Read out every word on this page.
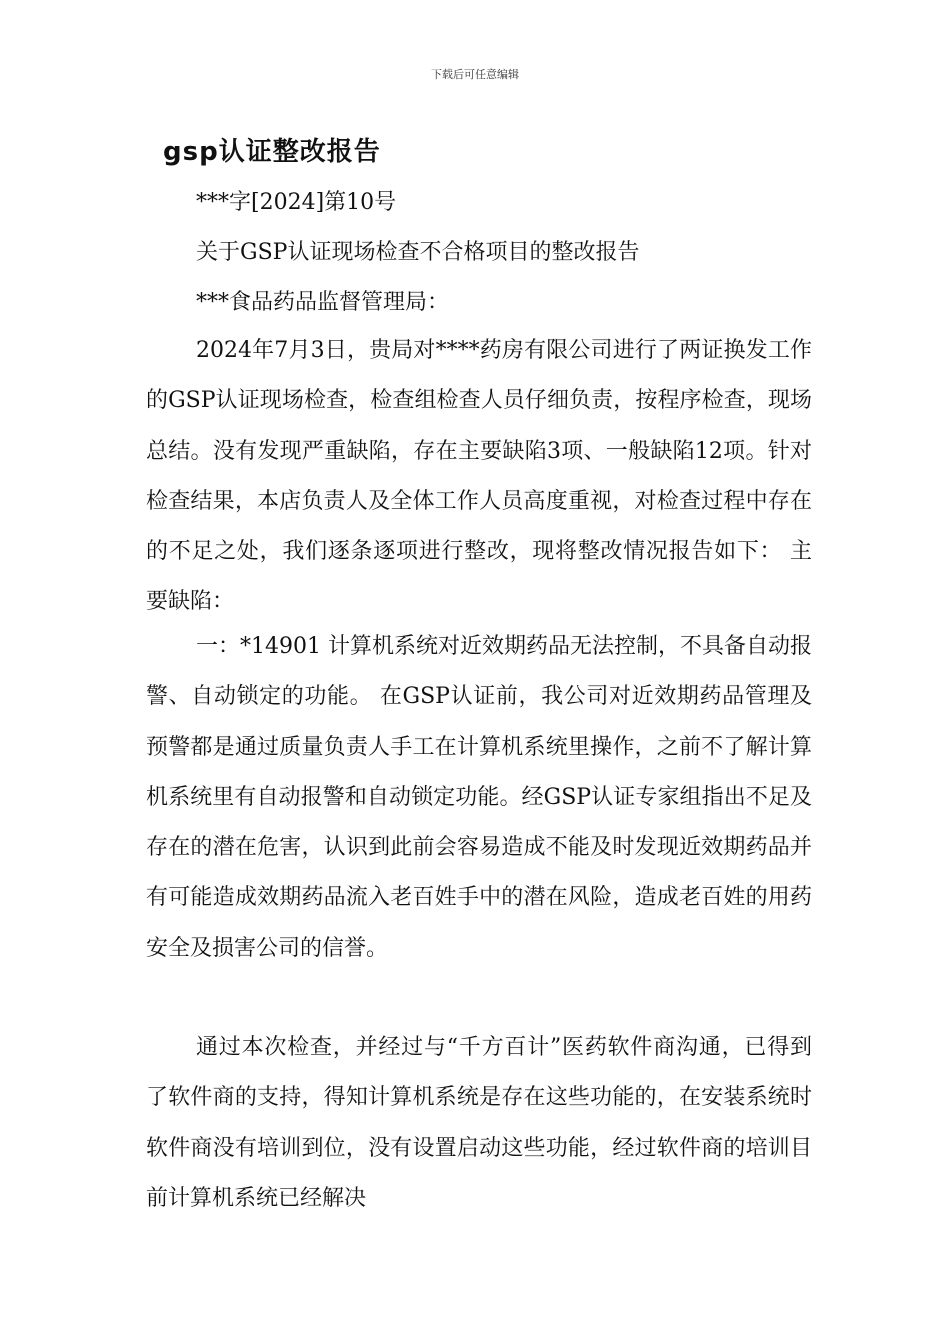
下载后可任意编辑
gsp认证整改报告
***字[2024]第10号
关于GSP认证现场检查不合格项目的整改报告
***食品药品监督管理局：

2024年7月3日，贵局对****药房有限公司进行了两证换发工作的GSP认证现场检查，检查组检查人员仔细负责，按程序检查，现场总结。没有发现严重缺陷，存在主要缺陷3项、一般缺陷12项。针对检查结果，本店负责人及全体工作人员高度重视，对检查过程中存在的不足之处，我们逐条逐项进行整改，现将整改情况报告如下： 主要缺陷：

一：*14901 计算机系统对近效期药品无法控制，不具备自动报警、自动锁定的功能。 在GSP认证前，我公司对近效期药品管理及预警都是通过质量负责人手工在计算机系统里操作，之前不了解计算机系统里有自动报警和自动锁定功能。经GSP认证专家组指出不足及存在的潜在危害，认识到此前会容易造成不能及时发现近效期药品并有可能造成效期药品流入老百姓手中的潜在风险，造成老百姓的用药安全及损害公司的信誉。

通过本次检查，并经过与“千方百计”医药软件商沟通，已得到了软件商的支持，得知计算机系统是存在这些功能的，在安装系统时软件商没有培训到位，没有设置启动这些功能，经过软件商的培训目前计算机系统已经解决
